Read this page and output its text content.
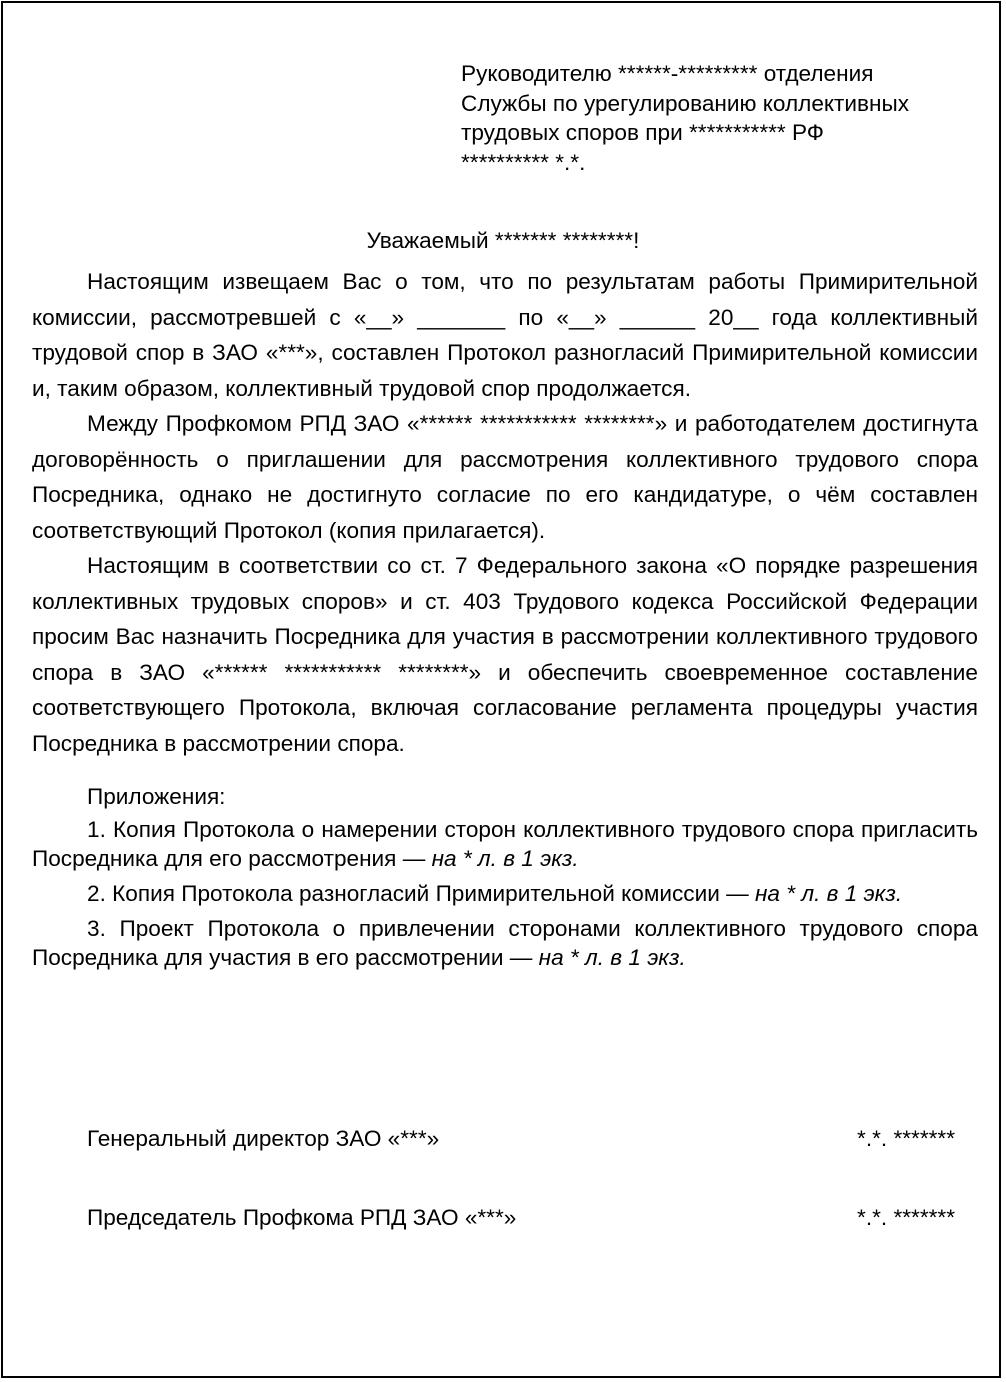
Руководителю ******-********* отделения
Службы по урегулированию коллективных
трудовых споров при *********** РФ
********** *.*.
Уважаемый ******* ********!

Настоящим извещаем Вас о том, что по результатам работы Примирительной комиссии, рассмотревшей с «__» _______ по «__» ______ 20__ года коллективный трудовой спор в ЗАО «***», составлен Протокол разногласий Примирительной комиссии и, таким образом, коллективный трудовой спор продолжается.

Между Профкомом РПД ЗАО «****** *********** ********» и работодателем достигнута договорённость о приглашении для рассмотрения коллективного трудового спора Посредника, однако не достигнуто согласие по его кандидатуре, о чём составлен соответствующий Протокол (копия прилагается).

Настоящим в соответствии со ст. 7 Федерального закона «О порядке разрешения коллективных трудовых споров» и ст. 403 Трудового кодекса Российской Федерации просим Вас назначить Посредника для участия в рассмотрении коллективного трудового спора в ЗАО «****** *********** ********» и обеспечить своевременное составление соответствующего Протокола, включая согласование регламента процедуры участия Посредника в рассмотрении спора.

Приложения:

1. Копия Протокола о намерении сторон коллективного трудового спора пригласить Посредника для его рассмотрения — на * л. в 1 экз.

2. Копия Протокола разногласий Примирительной комиссии — на * л. в 1 экз.

3. Проект Протокола о привлечении сторонами коллективного трудового спора Посредника для участия в его рассмотрении — на * л. в 1 экз.

Генеральный директор ЗАО «***»	*.*. *******
Председатель Профкома РПД ЗАО «***»	*.*. *******
